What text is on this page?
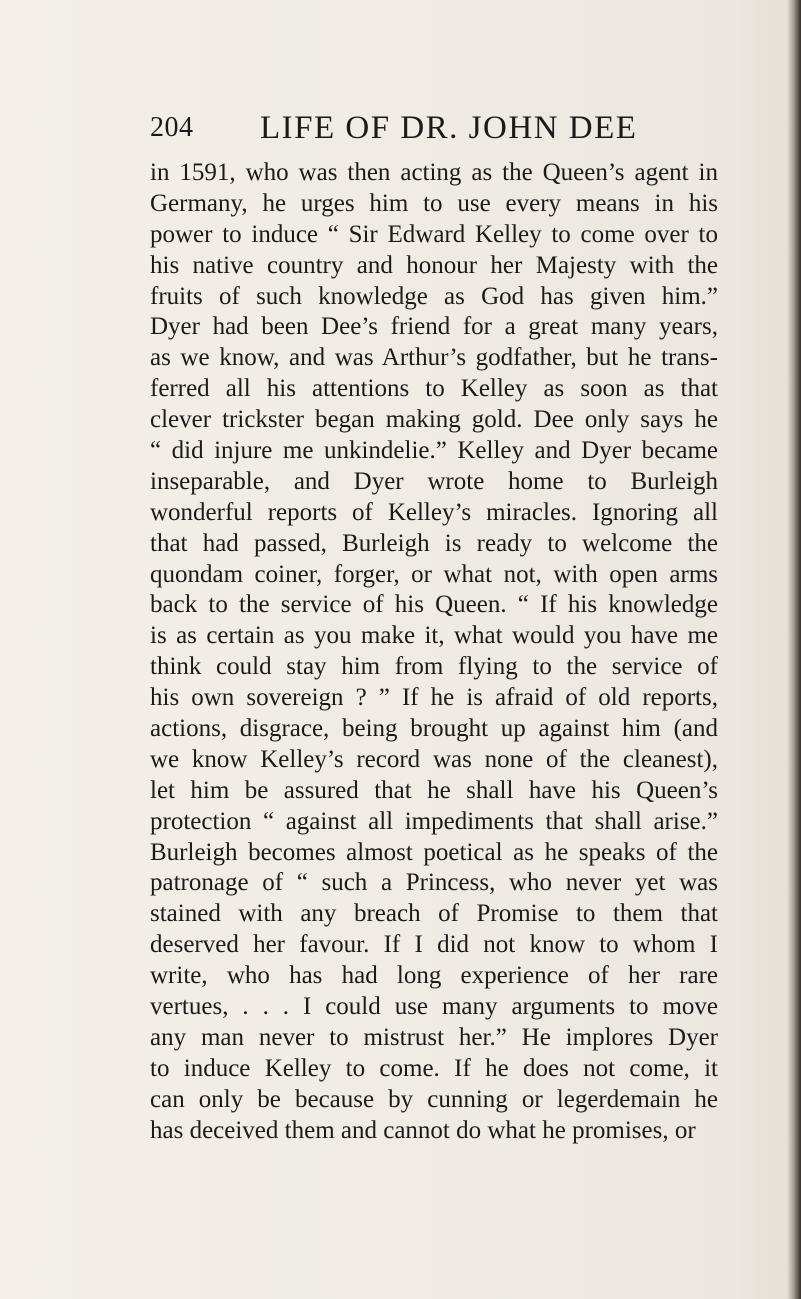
204 LIFE OF DR. JOHN DEE
in 1591, who was then acting as the Queen’s agent in
Germany, he urges him to use every means in his
power to induce “ Sir Edward Kelley to come over to
his native country and honour her Majesty with the
fruits of such knowledge as God has given him.”
Dyer had been Dee’s friend for a great many years,
as we know, and was Arthur’s godfather, but he trans-
ferred all his attentions to Kelley as soon as that
clever trickster began making gold. Dee only says he
“ did injure me unkindelie.” Kelley and Dyer became
inseparable, and Dyer wrote home to Burleigh
wonderful reports of Kelley’s miracles. Ignoring all
that had passed, Burleigh is ready to welcome the
quondam coiner, forger, or what not, with open arms
back to the service of his Queen. “ If his knowledge
is as certain as you make it, what would you have me
think could stay him from flying to the service of
his own sovereign ? ” If he is afraid of old reports,
actions, disgrace, being brought up against him (and
we know Kelley’s record was none of the cleanest),
let him be assured that he shall have his Queen’s
protection “ against all impediments that shall arise.”
Burleigh becomes almost poetical as he speaks of the
patronage of “ such a Princess, who never yet was
stained with any breach of Promise to them that
deserved her favour. If I did not know to whom I
write, who has had long experience of her rare
vertues, . . . I could use many arguments to move
any man never to mistrust her.” He implores Dyer
to induce Kelley to come. If he does not come, it
can only be because by cunning or legerdemain he
has deceived them and cannot do what he promises, or
